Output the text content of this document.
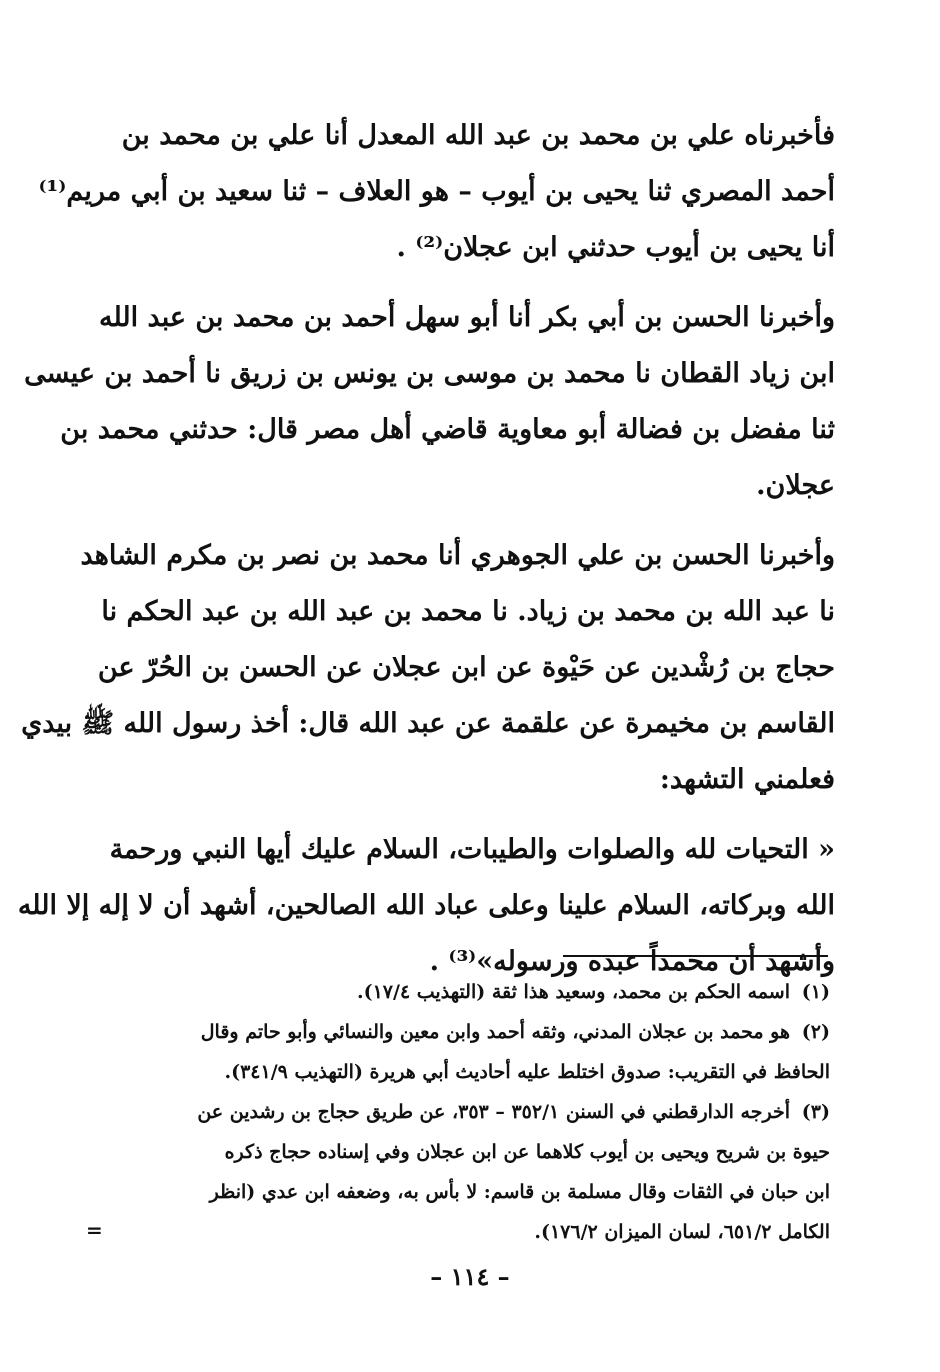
فأخبرناه علي بن محمد بن عبد الله المعدل أنا علي بن محمد بن
أحمد المصري ثنا يحيى بن أيوب – هو العلاف – ثنا سعيد بن أبي مريم⁽¹⁾
أنا يحيى بن أيوب حدثني ابن عجلان⁽²⁾ .
وأخبرنا الحسن بن أبي بكر أنا أبو سهل أحمد بن محمد بن عبد الله
ابن زياد القطان نا محمد بن موسى بن يونس بن زريق نا أحمد بن عيسى
ثنا مفضل بن فضالة أبو معاوية قاضي أهل مصر قال: حدثني محمد بن
عجلان.
وأخبرنا الحسن بن علي الجوهري أنا محمد بن نصر بن مكرم الشاهد
نا عبد الله بن محمد بن زياد. نا محمد بن عبد الله بن عبد الحكم نا
حجاج بن رُشْدين عن حَيْوة عن ابن عجلان عن الحسن بن الحُرّ عن
القاسم بن مخيمرة عن علقمة عن عبد الله قال: أخذ رسول الله ﷺ بيدي
فعلمني التشهد:
« التحيات لله والصلوات والطيبات، السلام عليك أيها النبي ورحمة
الله وبركاته، السلام علينا وعلى عباد الله الصالحين، أشهد أن لا إله إلا الله
وأشهد أن محمداً عبده ورسوله»⁽³⁾ .
(١)اسمه الحكم بن محمد، وسعيد هذا ثقة (التهذيب ١٧/٤).
(٢)هو محمد بن عجلان المدني، وثقه أحمد وابن معين والنسائي وأبو حاتم وقال
الحافظ في التقريب: صدوق اختلط عليه أحاديث أبي هريرة (التهذيب ٣٤١/٩).
(٣)أخرجه الدارقطني في السنن ٣٥٢/١ – ٣٥٣، عن طريق حجاج بن رشدين عن
حيوة بن شريح ويحيى بن أيوب كلاهما عن ابن عجلان وفي إسناده حجاج ذكره
ابن حبان في الثقات وقال مسلمة بن قاسم: لا بأس به، وضعفه ابن عدي (انظر
الكامل ٦٥١/٢، لسان الميزان ١٧٦/٢).
=
– ١١٤ –
